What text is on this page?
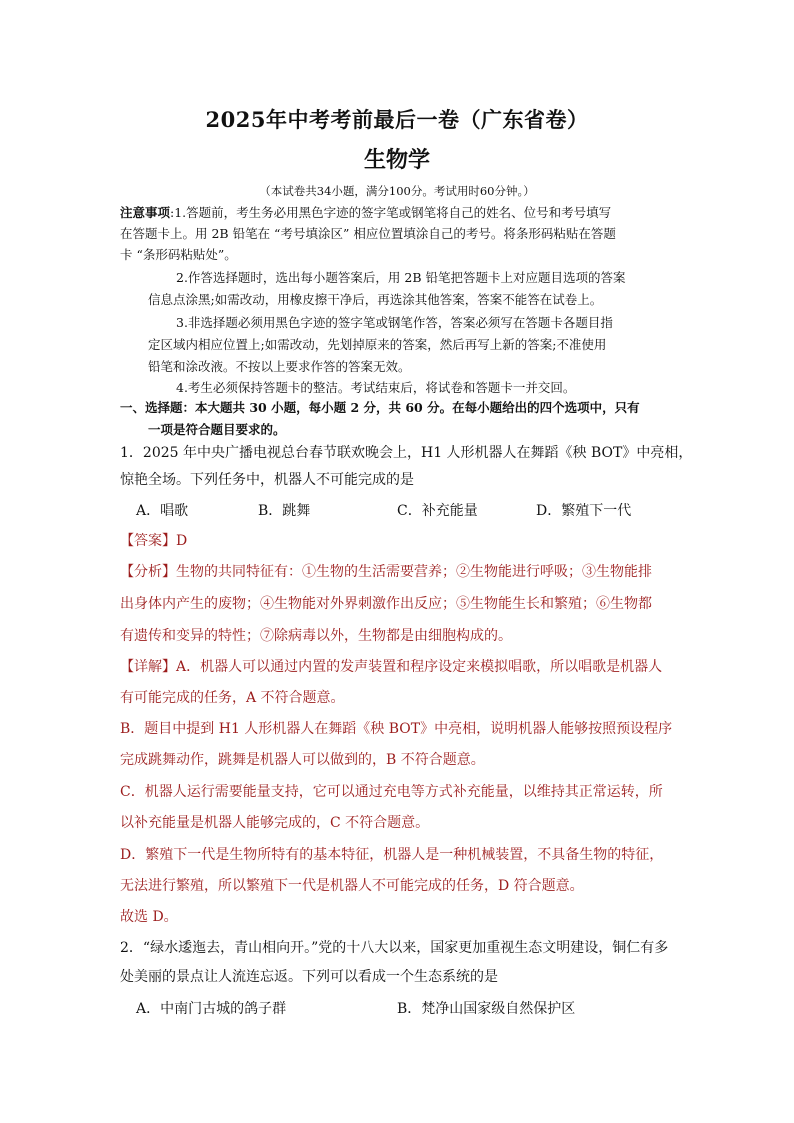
2025年中考考前最后一卷（广东省卷）
生物学
（本试卷共34小题，满分100分。考试用时60分钟。）
注意事项:1.答题前，考生务必用黑色字迹的签字笔或钢笔将自己的姓名、位号和考号填写
在答题卡上。用 2B 铅笔在 “考号填涂区” 相应位置填涂自己的考号。将条形码粘贴在答题
卡 “条形码粘贴处”。
2.作答选择题时，选出每小题答案后，用 2B 铅笔把答题卡上对应题目选项的答案
信息点涂黑;如需改动，用橡皮擦干净后，再选涂其他答案，答案不能答在试卷上。
3.非选择题必须用黑色字迹的签字笔或钢笔作答，答案必须写在答题卡各题目指
定区域内相应位置上;如需改动，先划掉原来的答案，然后再写上新的答案;不准使用
铅笔和涂改液。不按以上要求作答的答案无效。
4.考生必须保持答题卡的整洁。考试结束后，将试卷和答题卡一并交回。
一、选择题：本大题共 30 小题，每小题 2 分，共 60 分。在每小题给出的四个选项中，只有
一项是符合题目要求的。
1．2025 年中央广播电视总台春节联欢晚会上，H1 人形机器人在舞蹈《秧 BOT》中亮相，
惊艳全场。下列任务中，机器人不可能完成的是
A．唱歌	B．跳舞	C．补充能量	D．繁殖下一代
【答案】D
【分析】生物的共同特征有：①生物的生活需要营养；②生物能进行呼吸；③生物能排
出身体内产生的废物；④生物能对外界刺激作出反应；⑤生物能生长和繁殖；⑥生物都
有遗传和变异的特性；⑦除病毒以外，生物都是由细胞构成的。
【详解】A．机器人可以通过内置的发声装置和程序设定来模拟唱歌，所以唱歌是机器人
有可能完成的任务，A 不符合题意。
B．题目中提到 H1 人形机器人在舞蹈《秧 BOT》中亮相，说明机器人能够按照预设程序
完成跳舞动作，跳舞是机器人可以做到的，B 不符合题意。
C．机器人运行需要能量支持，它可以通过充电等方式补充能量，以维持其正常运转，所
以补充能量是机器人能够完成的，C 不符合题意。
D．繁殖下一代是生物所特有的基本特征，机器人是一种机械装置，不具备生物的特征，
无法进行繁殖，所以繁殖下一代是机器人不可能完成的任务，D 符合题意。
故选 D。
2．“绿水逶迤去，青山相向开。”党的十八大以来，国家更加重视生态文明建设，铜仁有多
处美丽的景点让人流连忘返。下列可以看成一个生态系统的是
A．中南门古城的鸽子群	B．梵净山国家级自然保护区
